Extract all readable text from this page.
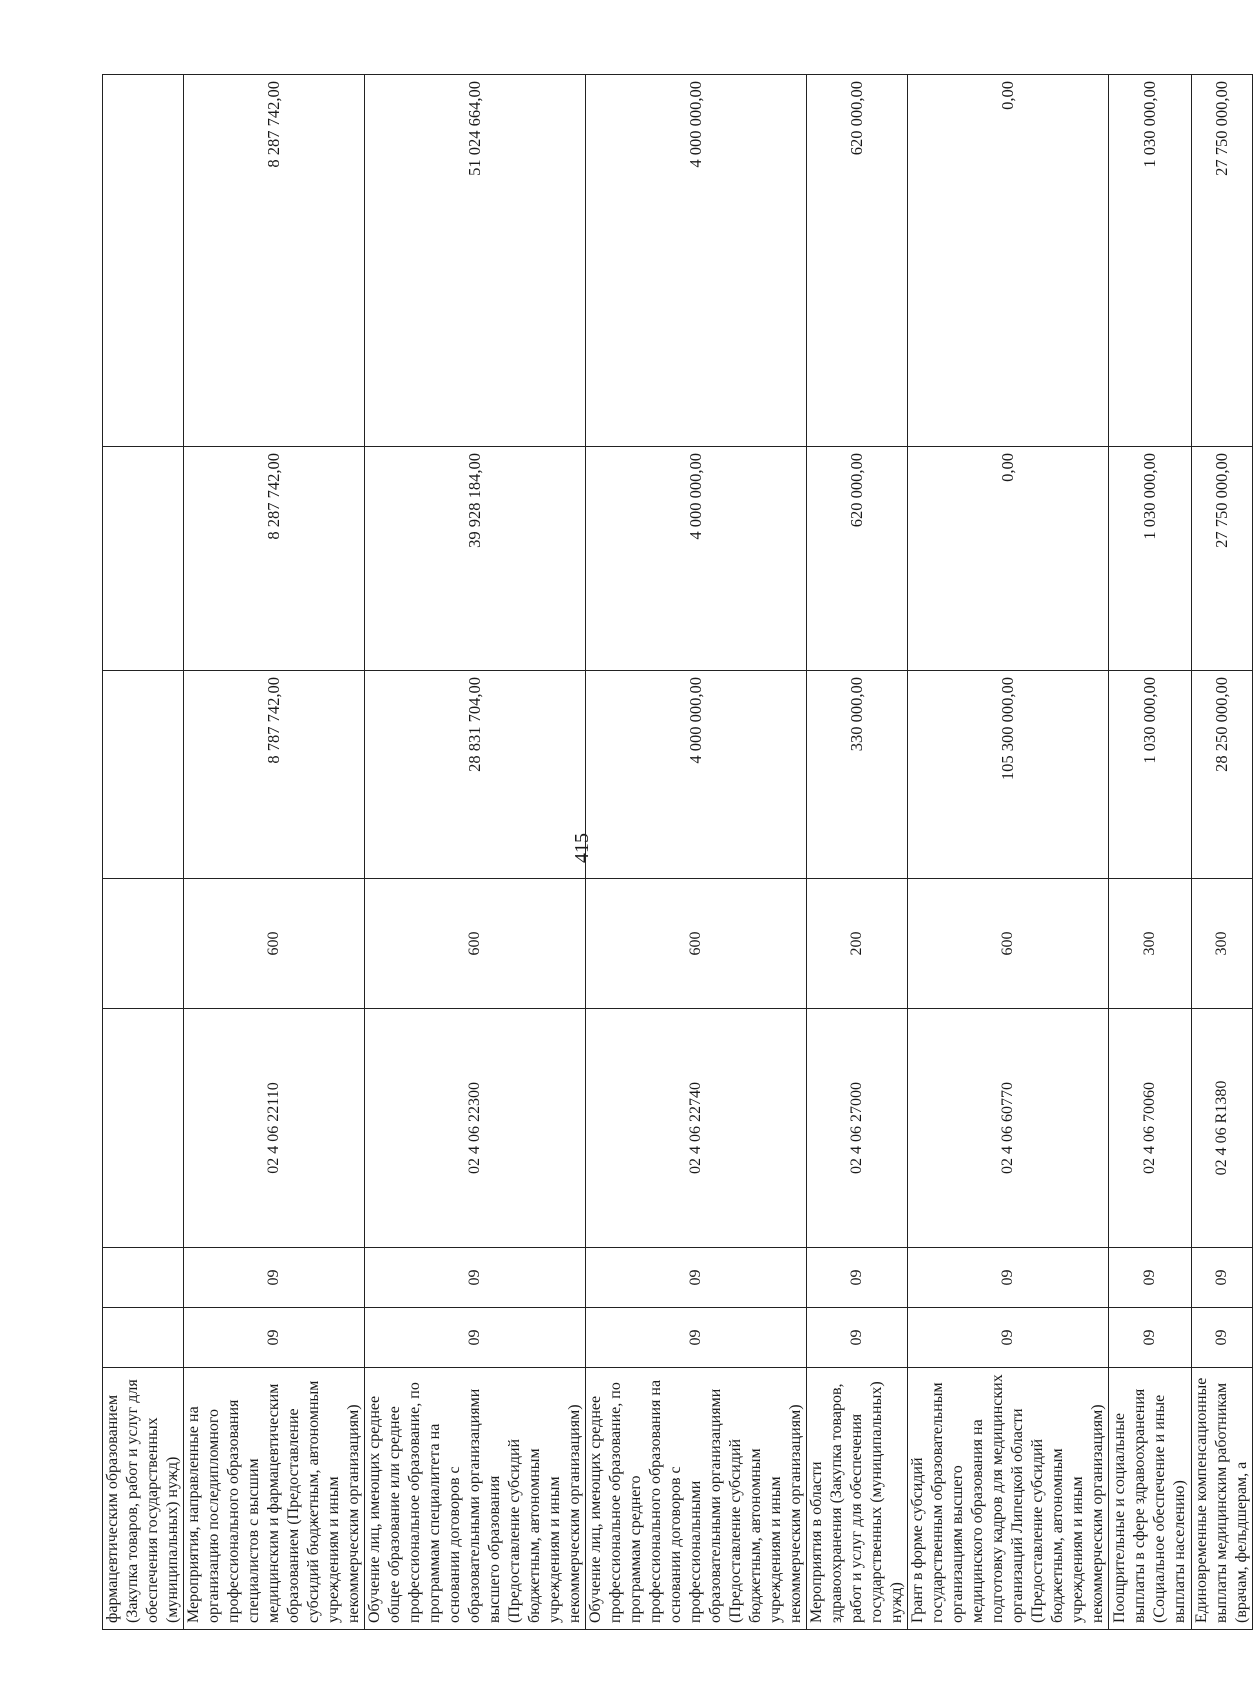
415
фармацевтическим образованием (Закупка товаров, работ и услуг для обеспечения государственных (муниципальных) нужд)							
Мероприятия, направленные на организацию последипломного профессионального образования специалистов с высшим медицинским и фармацевтическим образованием (Предоставление субсидий бюджетным, автономным учреждениям и иным некоммерческим организациям)	09	09	02 4 06 22110	600	8 787 742,00	8 287 742,00	8 287 742,00
Обучение лиц, имеющих среднее общее образование или среднее профессиональное образование, по программам специалитета на основании договоров с образовательными организациями высшего образования (Предоставление субсидий бюджетным, автономным учреждениям и иным некоммерческим организациям)	09	09	02 4 06 22300	600	28 831 704,00	39 928 184,00	51 024 664,00
Обучение лиц, имеющих среднее профессиональное образование, по программам среднего профессионального образования на основании договоров с профессиональными образовательными организациями (Предоставление субсидий бюджетным, автономным учреждениям и иным некоммерческим организациям)	09	09	02 4 06 22740	600	4 000 000,00	4 000 000,00	4 000 000,00
Мероприятия в области здравоохранения (Закупка товаров, работ и услуг для обеспечения государственных (муниципальных) нужд)	09	09	02 4 06 27000	200	330 000,00	620 000,00	620 000,00
Грант в форме субсидий государственным образовательным организациям высшего медицинского образования на подготовку кадров для медицинских организаций Липецкой области (Предоставление субсидий бюджетным, автономным учреждениям и иным некоммерческим организациям)	09	09	02 4 06 60770	600	105 300 000,00	0,00	0,00
Поощрительные и социальные выплаты в сфере здравоохранения (Социальное обеспечение и иные выплаты населению)	09	09	02 4 06 70060	300	1 030 000,00	1 030 000,00	1 030 000,00
Единовременные компенсационные выплаты медицинским работникам (врачам, фельдшерам, а	09	09	02 4 06 R1380	300	28 250 000,00	27 750 000,00	27 750 000,00
